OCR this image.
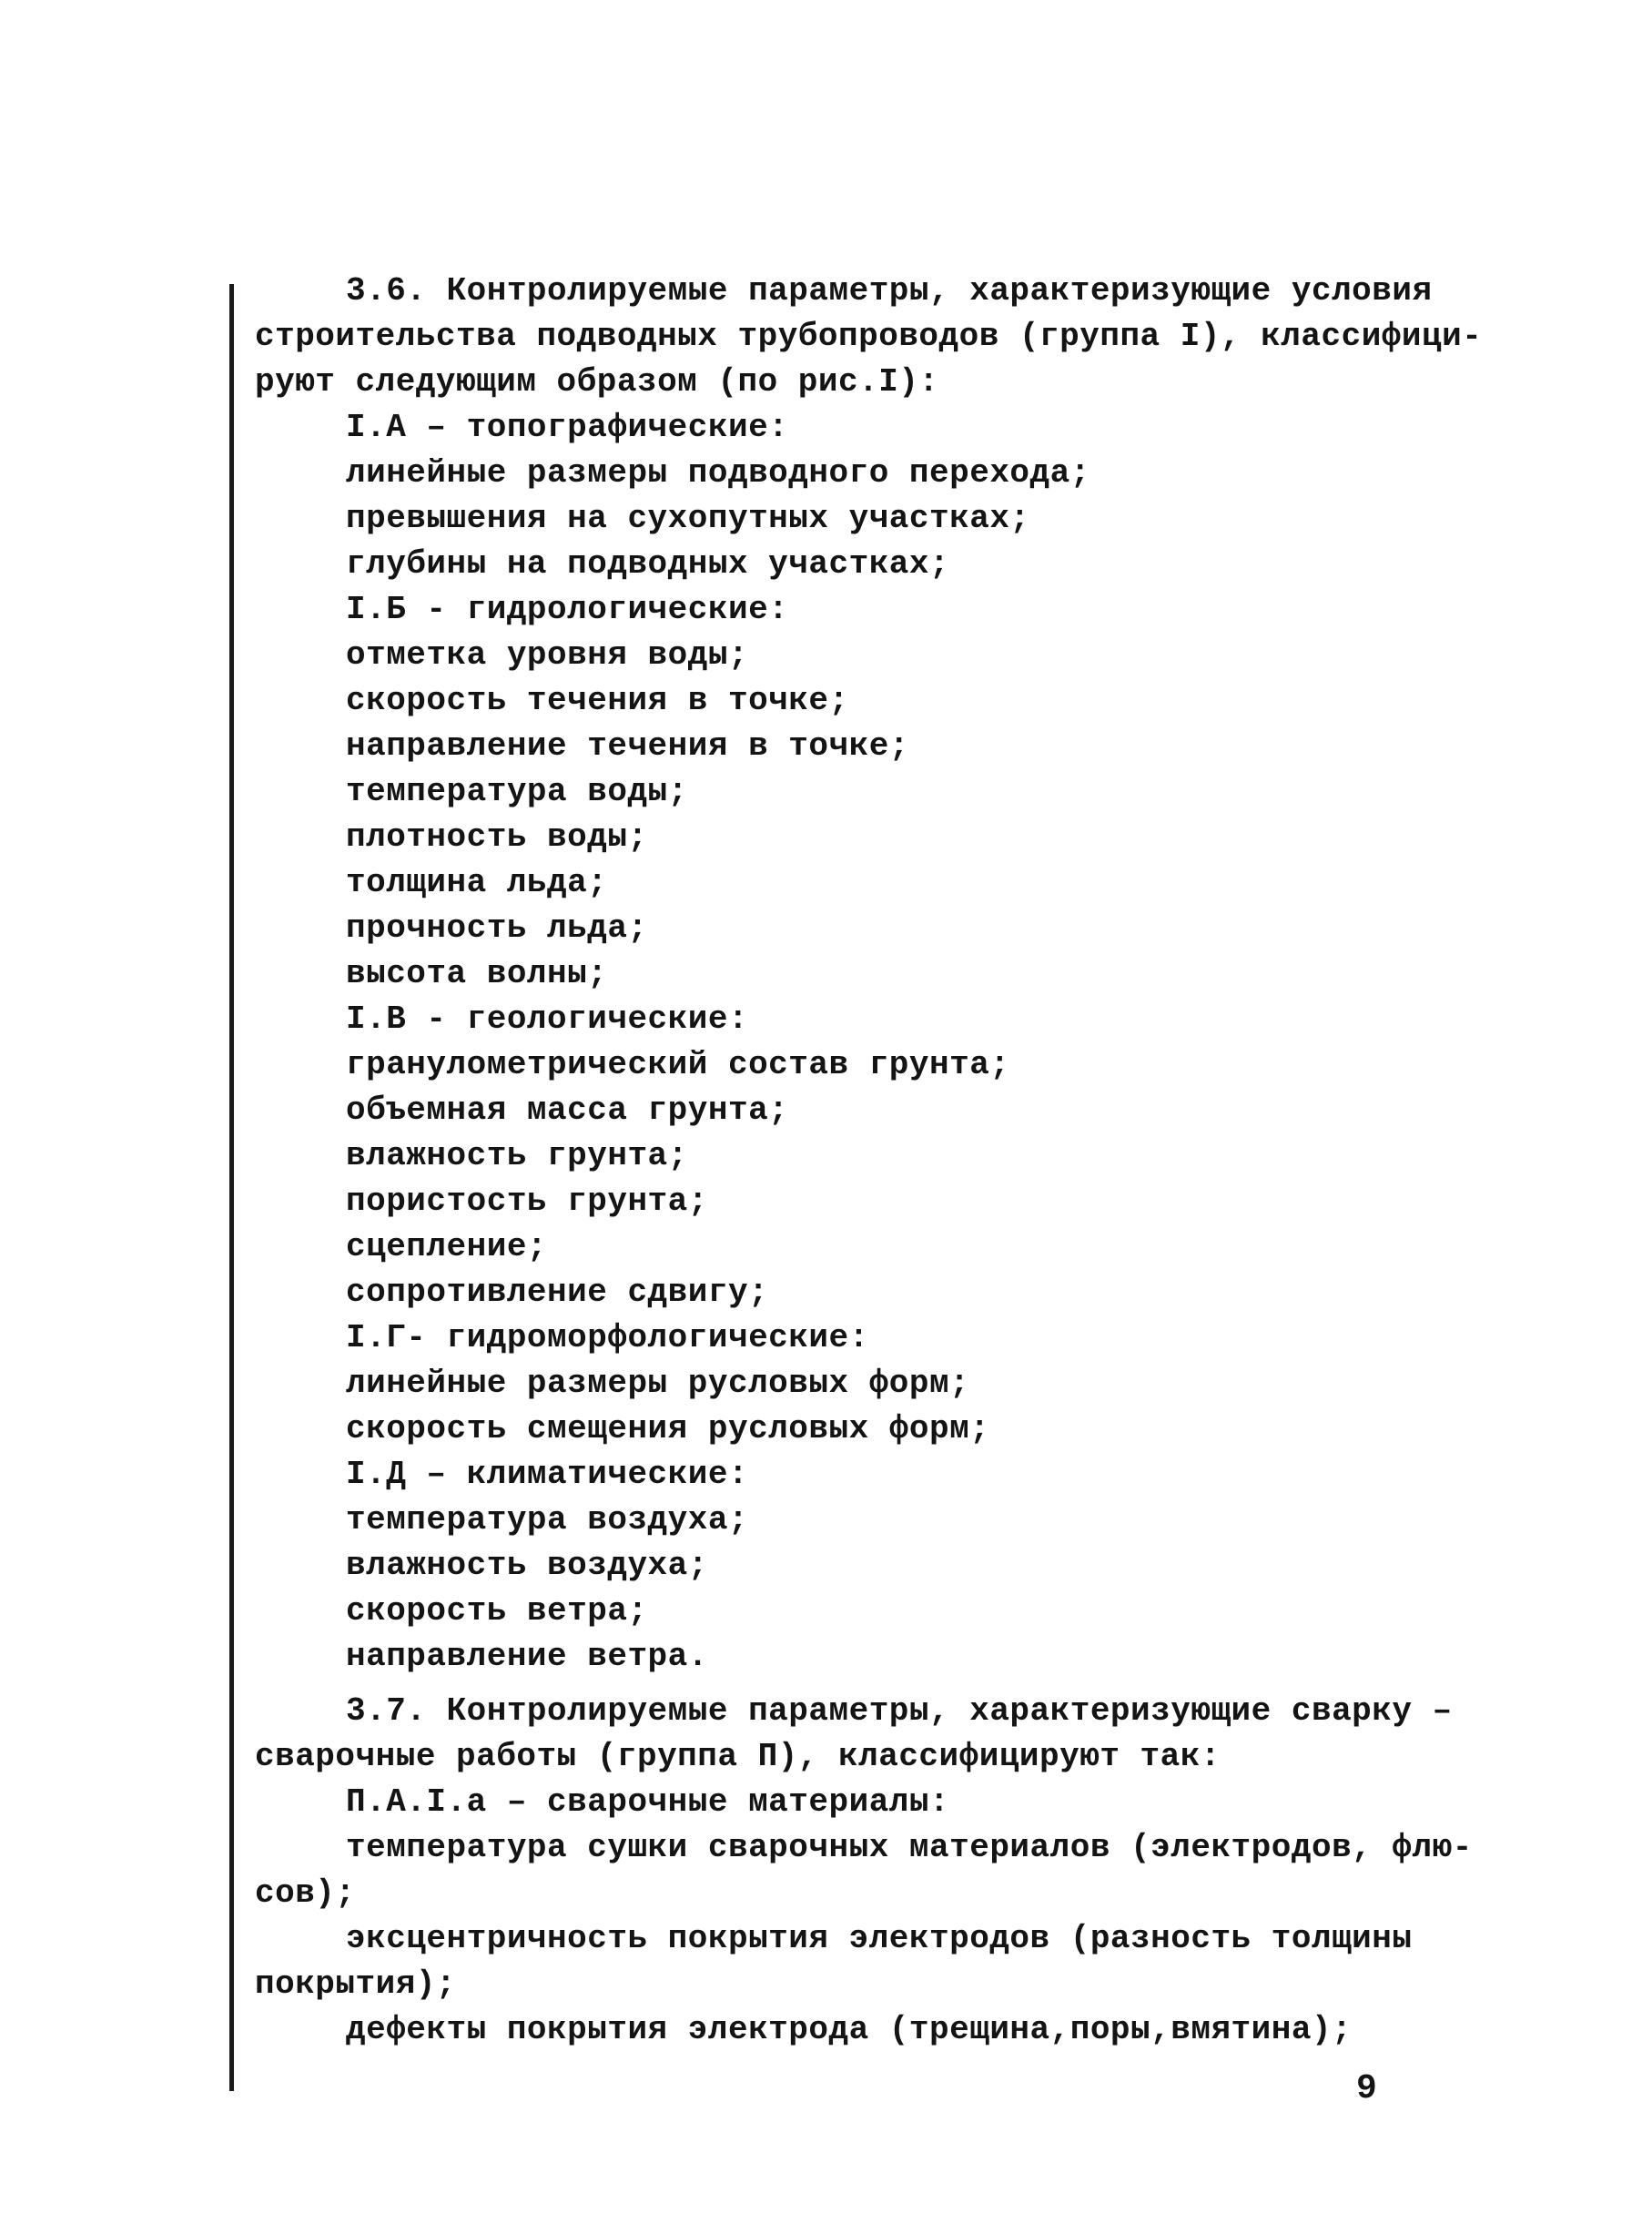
3.6. Контролируемые параметры, характеризующие условия
строительства подводных трубопроводов (группа I), классифици-
руют следующим образом (по рис.I):
I.А – топографические:
линейные размеры подводного перехода;
превышения на сухопутных участках;
глубины на подводных участках;
I.Б - гидрологические:
отметка уровня воды;
скорость течения в точке;
направление течения в точке;
температура воды;
плотность воды;
толщина льда;
прочность льда;
высота волны;
I.В - геологические:
гранулометрический состав грунта;
объемная масса грунта;
влажность грунта;
пористость грунта;
сцепление;
сопротивление сдвигу;
I.Г- гидроморфологические:
линейные размеры русловых форм;
скорость смещения русловых форм;
I.Д – климатические:
температура воздуха;
влажность воздуха;
скорость ветра;
направление ветра.
3.7. Контролируемые параметры, характеризующие сварку –
сварочные работы (группа П), классифицируют так:
П.А.I.а – сварочные материалы:
температура сушки сварочных материалов (электродов, флю-
сов);
эксцентричность покрытия электродов (разность толщины
покрытия);
дефекты покрытия электрода (трещина,поры,вмятина);
9
